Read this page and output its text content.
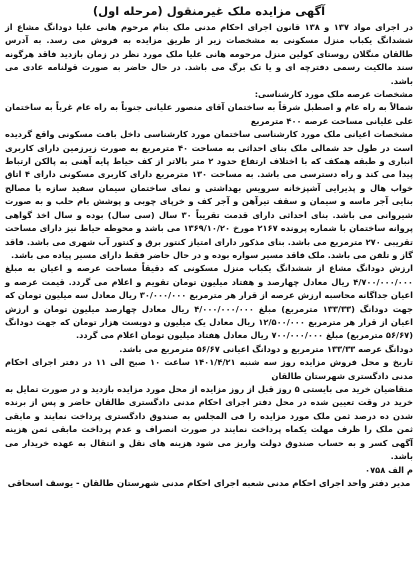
آگهی مزایده ملک غیرمنقول (مرحله اول)

در اجرای مواد ۱۳۷ و ۱۳۸ قانون اجرای احکام مدنی ملک بنام مرحوم هانی علیا دودانگ مشاع از ششدانگ یکباب منزل مسکونی به مشخصات زیر از طریق مزایده به فروش می رسد. به آدرس طالقان منگلان روستای کولین منزل مرحومه هانی علیا ملک مورد نظر در زمان بازدید فاقد هرگونه سند مالکیت رسمی دفترچه ای و یا تک برگ می باشد. در حال حاضر به صورت قولنامه عادی می باشد.

مشخصات عرصه ملک مورد کارشناسی:

شمالاً به راه عام و اصطبل شرقاً به ساختمان آقای منصور علیانی جنوباً به راه عام غرباً به ساختمان علی علیانی مساحت عرصه ۴۰۰ مترمربع

مشخصات اعیانی ملک مورد کارشناسی ساختمان مورد کارشناسی داخل بافت مسکونی واقع گردیده است در طول حد شمالی ملک بنای احداثی به مساحت ۴۰ مترمربع به صورت زیرزمین دارای کاربری انباری و طبقه همکف که با اختلاف ارتفاع حدود ۲ متر بالاتر از کف حیاط پایه آهنی به پالکن ارتباط پیدا می کند و راه دسترسی می باشد. به مساحت ۱۳۰ مترمربع دارای کاربری مسکونی دارای ۴ اتاق خواب هال و پذیرایی آشپزخانه سرویس بهداشتی و نمای ساختمان سیمان سفید سازه با مصالح بنایی آجر ماسه و سیمان و سقف تیرآهن و آجر کف و خرپای چوبی و پوشش بام حلب و به صورت شیروانی می باشد. بنای احداثی دارای قدمت تقریباً ۳۰ سال (سی سال) بوده و سال اخذ گواهی پروانه ساختمان با شماره پرونده ۲۱۶۷ مورخ ۱۳۶۹/۱۰/۲۰ می باشد و محوطه حیاط نیز دارای مساحت تقریبی ۲۷۰ مترمربع می باشد. بنای مذکور دارای امتیاز کنتور برق و کنتور آب شهری می باشد. فاقد گاز و تلفن می باشد. ملک فاقد مسیر سواره بوده و در حال حاضر فقط دارای مسیر پیاده می باشد.

ارزش دودانگ مشاع از ششدانگ یکباب منزل مسکونی که دقیقاً مساحت عرصه و اعیان به مبلغ ۴/۷۰۰/۰۰۰/۰۰۰ ریال معادل چهارصد و هفتاد میلیون تومان تقویم و اعلام می گردد. قیمت عرصه و اعیان جداگانه محاسبه ارزش عرصه از قرار هر مترمربع ۳۰/۰۰۰/۰۰۰ ریال معادل سه میلیون تومان که جهت دودانگ (۱۳۳/۳۳ مترمربع) مبلغ ۴/۰۰۰/۰۰۰/۰۰۰ ریال معادل چهارصد میلیون تومان و ارزش اعیان از قرار هر مترمربع ۱۲/۵۰۰/۰۰۰ ریال معادل یک میلیون و دویست هزار تومان که جهت دودانگ (۵۶/۶۷ مترمربع) مبلغ ۷۰۰/۰۰۰/۰۰۰ ریال معادل هفتاد میلیون تومان اعلام می گردد.

دودانگ عرصه ۱۳۳/۳۳ مترمربع و دودانگ اعیانی ۵۶/۶۷ مترمربع می باشد.

تاریخ و محل فروش مزایده روز سه شنبه ۱۴۰۱/۴/۲۱ ساعت ۱۰ صبح الی ۱۱ در دفتر اجرای احکام مدنی دادگستری شهرستان طالقان

متقاضیان خرید می بایستی ۵ روز قبل از روز مزایده از محل مورد مزایده بازدید و در صورت تمایل به خرید در وقت تعیین شده در محل دفتر اجرای احکام مدنی دادگستری طالقان حاضر و پس از برنده شدن ده درصد ثمن ملک مورد مزایده را فی المجلس به صندوق دادگستری پرداخت نمایند و مابقی ثمن ملک را ظرف مهلت یکماه پرداخت نمایند در صورت انصراف و عدم پرداخت مابقی ثمن هزینه آگهی کسر و به حساب صندوق دولت واریز می شود هزینه های نقل و انتقال به عهده خریدار می باشد.

م الف ۰۷۵۸

مدیر دفتر واحد اجرای احکام مدنی شعبه اجرای احکام مدنی شهرستان طالقان - یوسف اسحاقی
